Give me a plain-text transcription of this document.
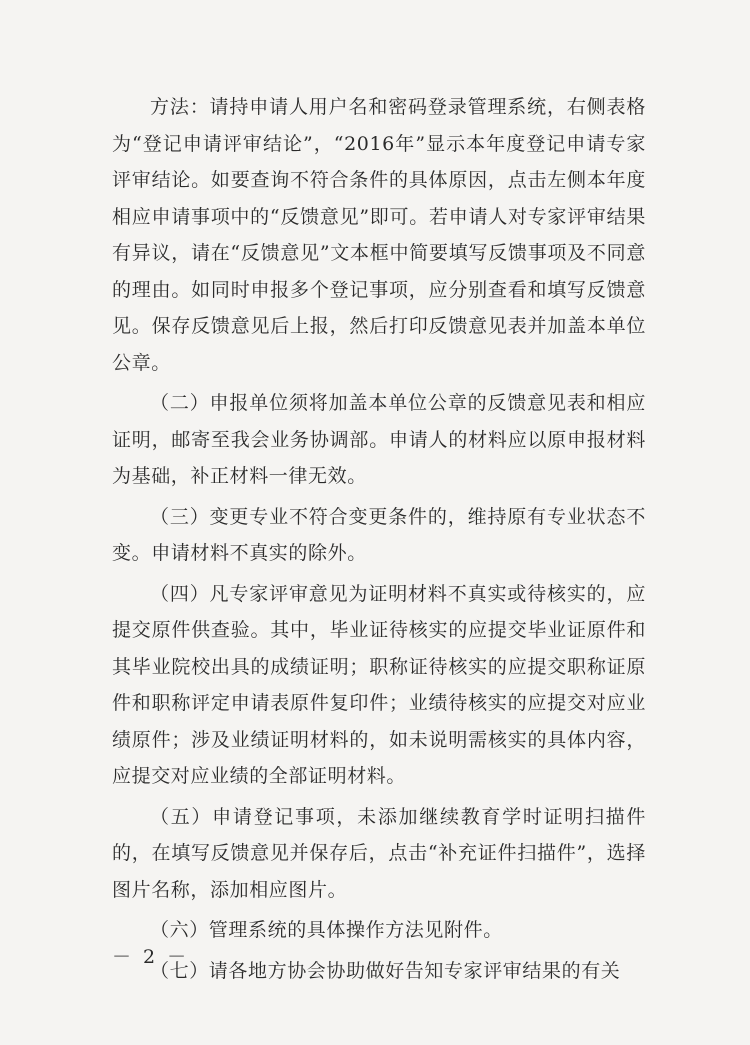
方法：请持申请人用户名和密码登录管理系统，右侧表格为“登记申请评审结论”，“2016年”显示本年度登记申请专家评审结论。如要查询不符合条件的具体原因，点击左侧本年度相应申请事项中的“反馈意见”即可。若申请人对专家评审结果有异议，请在“反馈意见”文本框中简要填写反馈事项及不同意的理由。如同时申报多个登记事项，应分别查看和填写反馈意见。保存反馈意见后上报，然后打印反馈意见表并加盖本单位公章。

（二）申报单位须将加盖本单位公章的反馈意见表和相应证明，邮寄至我会业务协调部。申请人的材料应以原申报材料为基础，补正材料一律无效。

（三）变更专业不符合变更条件的，维持原有专业状态不变。申请材料不真实的除外。

（四）凡专家评审意见为证明材料不真实或待核实的，应提交原件供查验。其中，毕业证待核实的应提交毕业证原件和其毕业院校出具的成绩证明；职称证待核实的应提交职称证原件和职称评定申请表原件复印件；业绩待核实的应提交对应业绩原件；涉及业绩证明材料的，如未说明需核实的具体内容，应提交对应业绩的全部证明材料。

（五）申请登记事项，未添加继续教育学时证明扫描件的，在填写反馈意见并保存后，点击“补充证件扫描件”，选择图片名称，添加相应图片。

（六）管理系统的具体操作方法见附件。

（七）请各地方协会协助做好告知专家评审结果的有关

－ 2 －
